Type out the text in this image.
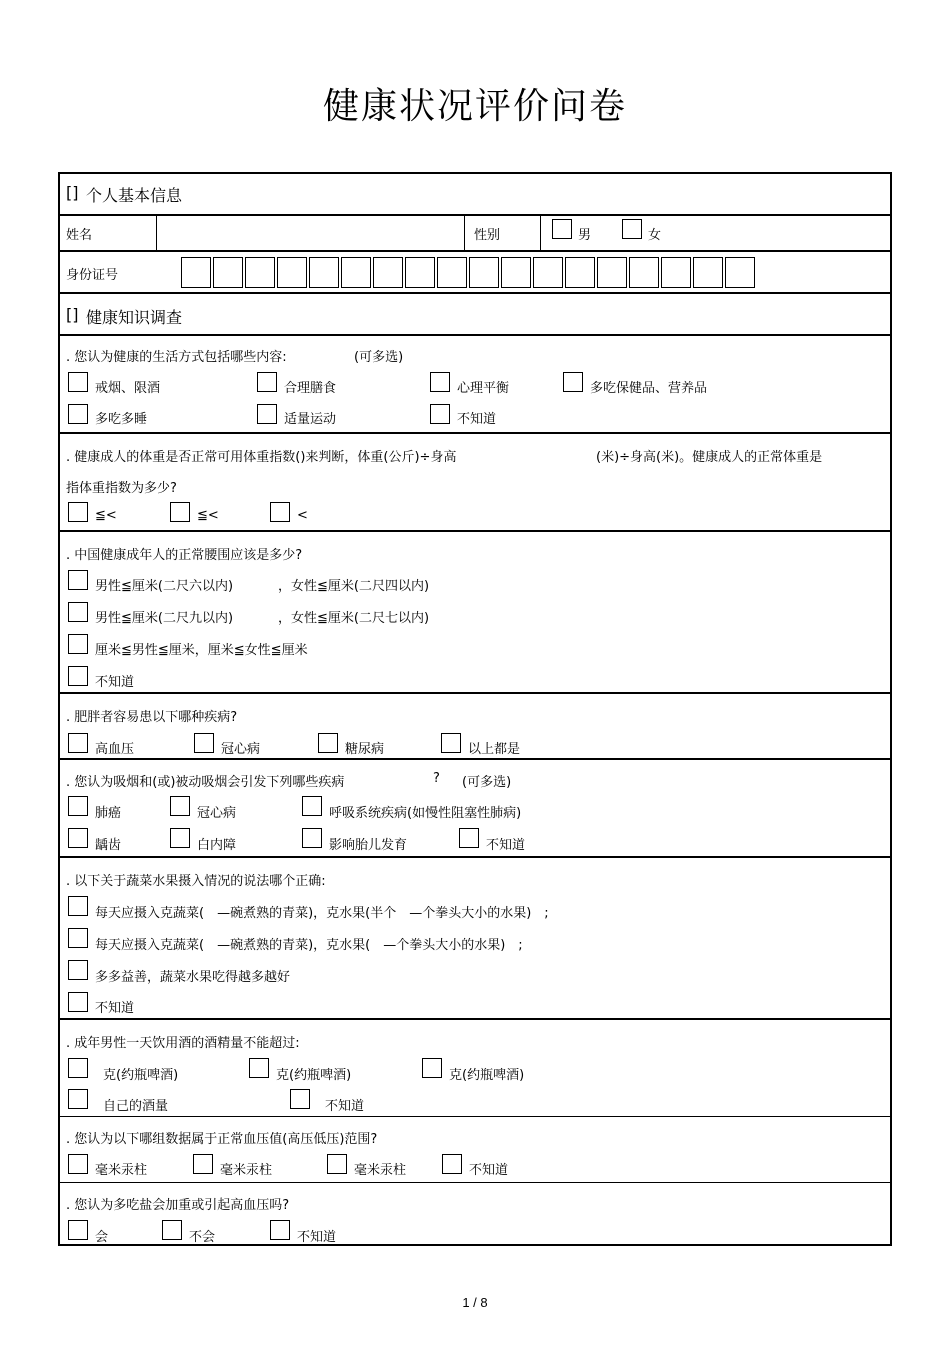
健康状况评价问卷
[] 个人基本信息
姓名	性别	男	女
身份证号
[] 健康知识调查
. 您认为健康的生活方式包括哪些内容:	(可多选)
戒烟、限酒	合理膳食	心理平衡	多吃保健品、营养品
多吃多睡	适量运动	不知道
. 健康成人的体重是否正常可用体重指数()来判断，体重(公斤)÷身高	(米)÷身高(米)。健康成人的正常体重是
指体重指数为多少?
≦<	≦<	<
. 中国健康成年人的正常腰围应该是多少?
男性≦厘米(二尺六以内)	，女性≦厘米(二尺四以内)
男性≦厘米(二尺九以内)	，女性≦厘米(二尺七以内)
厘米≦男性≦厘米，厘米≦女性≦厘米
不知道
. 肥胖者容易患以下哪种疾病?
高血压	冠心病	糖尿病	以上都是
. 您认为吸烟和(或)被动吸烟会引发下列哪些疾病	? (可多选)
肺癌	冠心病	呼吸系统疾病(如慢性阻塞性肺病)
龋齿	白内障	影响胎儿发育	不知道
. 以下关于蔬菜水果摄入情况的说法哪个正确:
每天应摄入克蔬菜(　—碗煮熟的青菜)，克水果(半个　—个拳头大小的水果)　;
每天应摄入克蔬菜(　—碗煮熟的青菜)，克水果(　—个拳头大小的水果)　;
多多益善，蔬菜水果吃得越多越好
不知道
. 成年男性一天饮用酒的酒精量不能超过:
克(约瓶啤酒)	克(约瓶啤酒)	克(约瓶啤酒)
自己的酒量	不知道
. 您认为以下哪组数据属于正常血压值(高压低压)范围?
毫米汞柱	毫米汞柱	毫米汞柱	不知道
. 您认为多吃盐会加重或引起高血压吗?
会	不会	不知道
1 / 8
